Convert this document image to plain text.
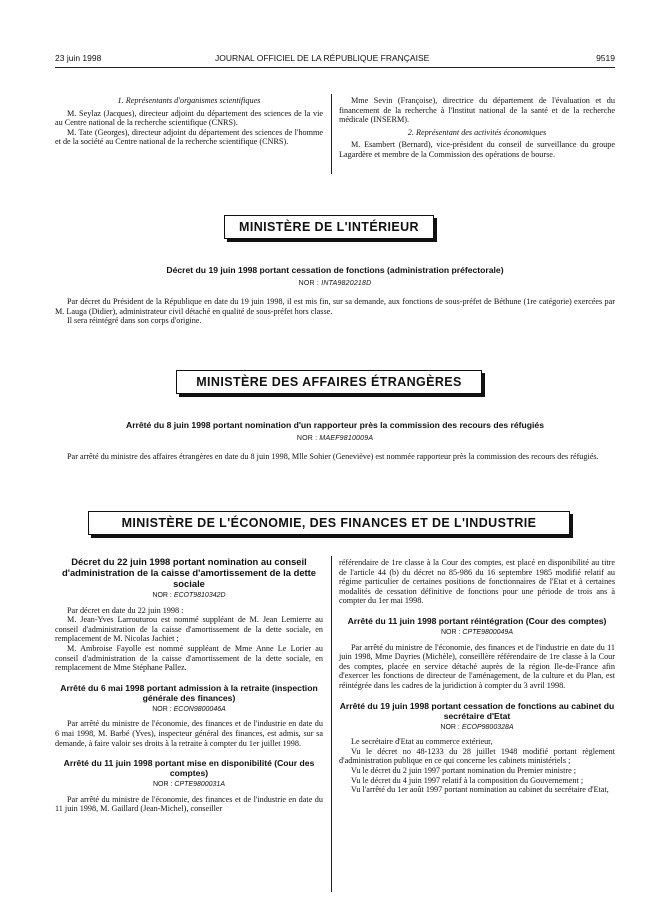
23 juin 1998	JOURNAL OFFICIEL DE LA RÉPUBLIQUE FRANÇAISE	9519

1. Représentants d'organismes scientifiques

M. Seylaz (Jacques), directeur adjoint du département des sciences de la vie au Centre national de la recherche scientifique (CNRS).

M. Tate (Georges), directeur adjoint du département des sciences de l'homme et de la société au Centre national de la recherche scientifique (CNRS).

Mme Sevin (Françoise), directrice du département de l'évaluation et du financement de la recherche à l'Institut national de la santé et de la recherche médicale (INSERM).

2. Représentant des activités économiques

M. Esambert (Bernard), vice-président du conseil de surveillance du groupe Lagardère et membre de la Commission des opérations de bourse.

MINISTÈRE DE L'INTÉRIEUR
Décret du 19 juin 1998 portant cessation de fonctions (administration préfectorale)
NOR : INTA9820218D

Par décret du Président de la République en date du 19 juin 1998, il est mis fin, sur sa demande, aux fonctions de sous-préfet de Béthune (1re catégorie) exercées par M. Lauga (Didier), administrateur civil détaché en qualité de sous-préfet hors classe.

Il sera réintégré dans son corps d'origine.

MINISTÈRE DES AFFAIRES ÉTRANGÈRES
Arrêté du 8 juin 1998 portant nomination d'un rapporteur près la commission des recours des réfugiés
NOR : MAEF9810009A

Par arrêté du ministre des affaires étrangères en date du 8 juin 1998, Mlle Sohier (Geneviève) est nommée rapporteur près la commission des recours des réfugiés.

MINISTÈRE DE L'ÉCONOMIE, DES FINANCES ET DE L'INDUSTRIE
Décret du 22 juin 1998 portant nomination au conseil d'administration de la caisse d'amortissement de la dette sociale
NOR : ECOT9810342D

Par décret en date du 22 juin 1998 :

M. Jean-Yves Larrouturou est nommé suppléant de M. Jean Lemierre au conseil d'administration de la caisse d'amortissement de la dette sociale, en remplacement de M. Nicolas Jachiet ;

M. Ambroise Fayolle est nommé suppléant de Mme Anne Le Lorier au conseil d'administration de la caisse d'amortissement de la dette sociale, en remplacement de Mme Stéphane Pallez.

Arrêté du 6 mai 1998 portant admission à la retraite (inspection générale des finances)
NOR : ECON9800046A

Par arrêté du ministre de l'économie, des finances et de l'industrie en date du 6 mai 1998, M. Barbé (Yves), inspecteur général des finances, est admis, sur sa demande, à faire valoir ses droits à la retraite à compter du 1er juillet 1998.

Arrêté du 11 juin 1998 portant mise en disponibilité (Cour des comptes)
NOR : CPTE9800031A

Par arrêté du ministre de l'économie, des finances et de l'industrie en date du 11 juin 1998, M. Gaillard (Jean-Michel), conseiller

référendaire de 1re classe à la Cour des comptes, est placé en disponibilité au titre de l'article 44 (b) du décret no 85-986 du 16 septembre 1985 modifié relatif au régime particulier de certaines positions de fonctionnaires de l'Etat et à certaines modalités de cessation définitive de fonctions pour une période de trois ans à compter du 1er mai 1998.

Arrêté du 11 juin 1998 portant réintégration (Cour des comptes)
NOR : CPTE9800049A

Par arrêté du ministre de l'économie, des finances et de l'industrie en date du 11 juin 1998, Mme Dayries (Michèle), conseillère référendaire de 1re classe à la Cour des comptes, placée en service détaché auprès de la région Ile-de-France afin d'exercer les fonctions de directeur de l'aménagement, de la culture et du Plan, est réintégrée dans les cadres de la juridiction à compter du 3 avril 1998.

Arrêté du 19 juin 1998 portant cessation de fonctions au cabinet du secrétaire d'Etat
NOR : ECOP9800328A

Le secrétaire d'Etat au commerce extérieur,

Vu le décret no 48-1233 du 28 juillet 1948 modifié portant règlement d'administration publique en ce qui concerne les cabinets ministériels ;

Vu le décret du 2 juin 1997 portant nomination du Premier ministre ;

Vu le décret du 4 juin 1997 relatif à la composition du Gouvernement ;

Vu l'arrêté du 1er août 1997 portant nomination au cabinet du secrétaire d'Etat,
